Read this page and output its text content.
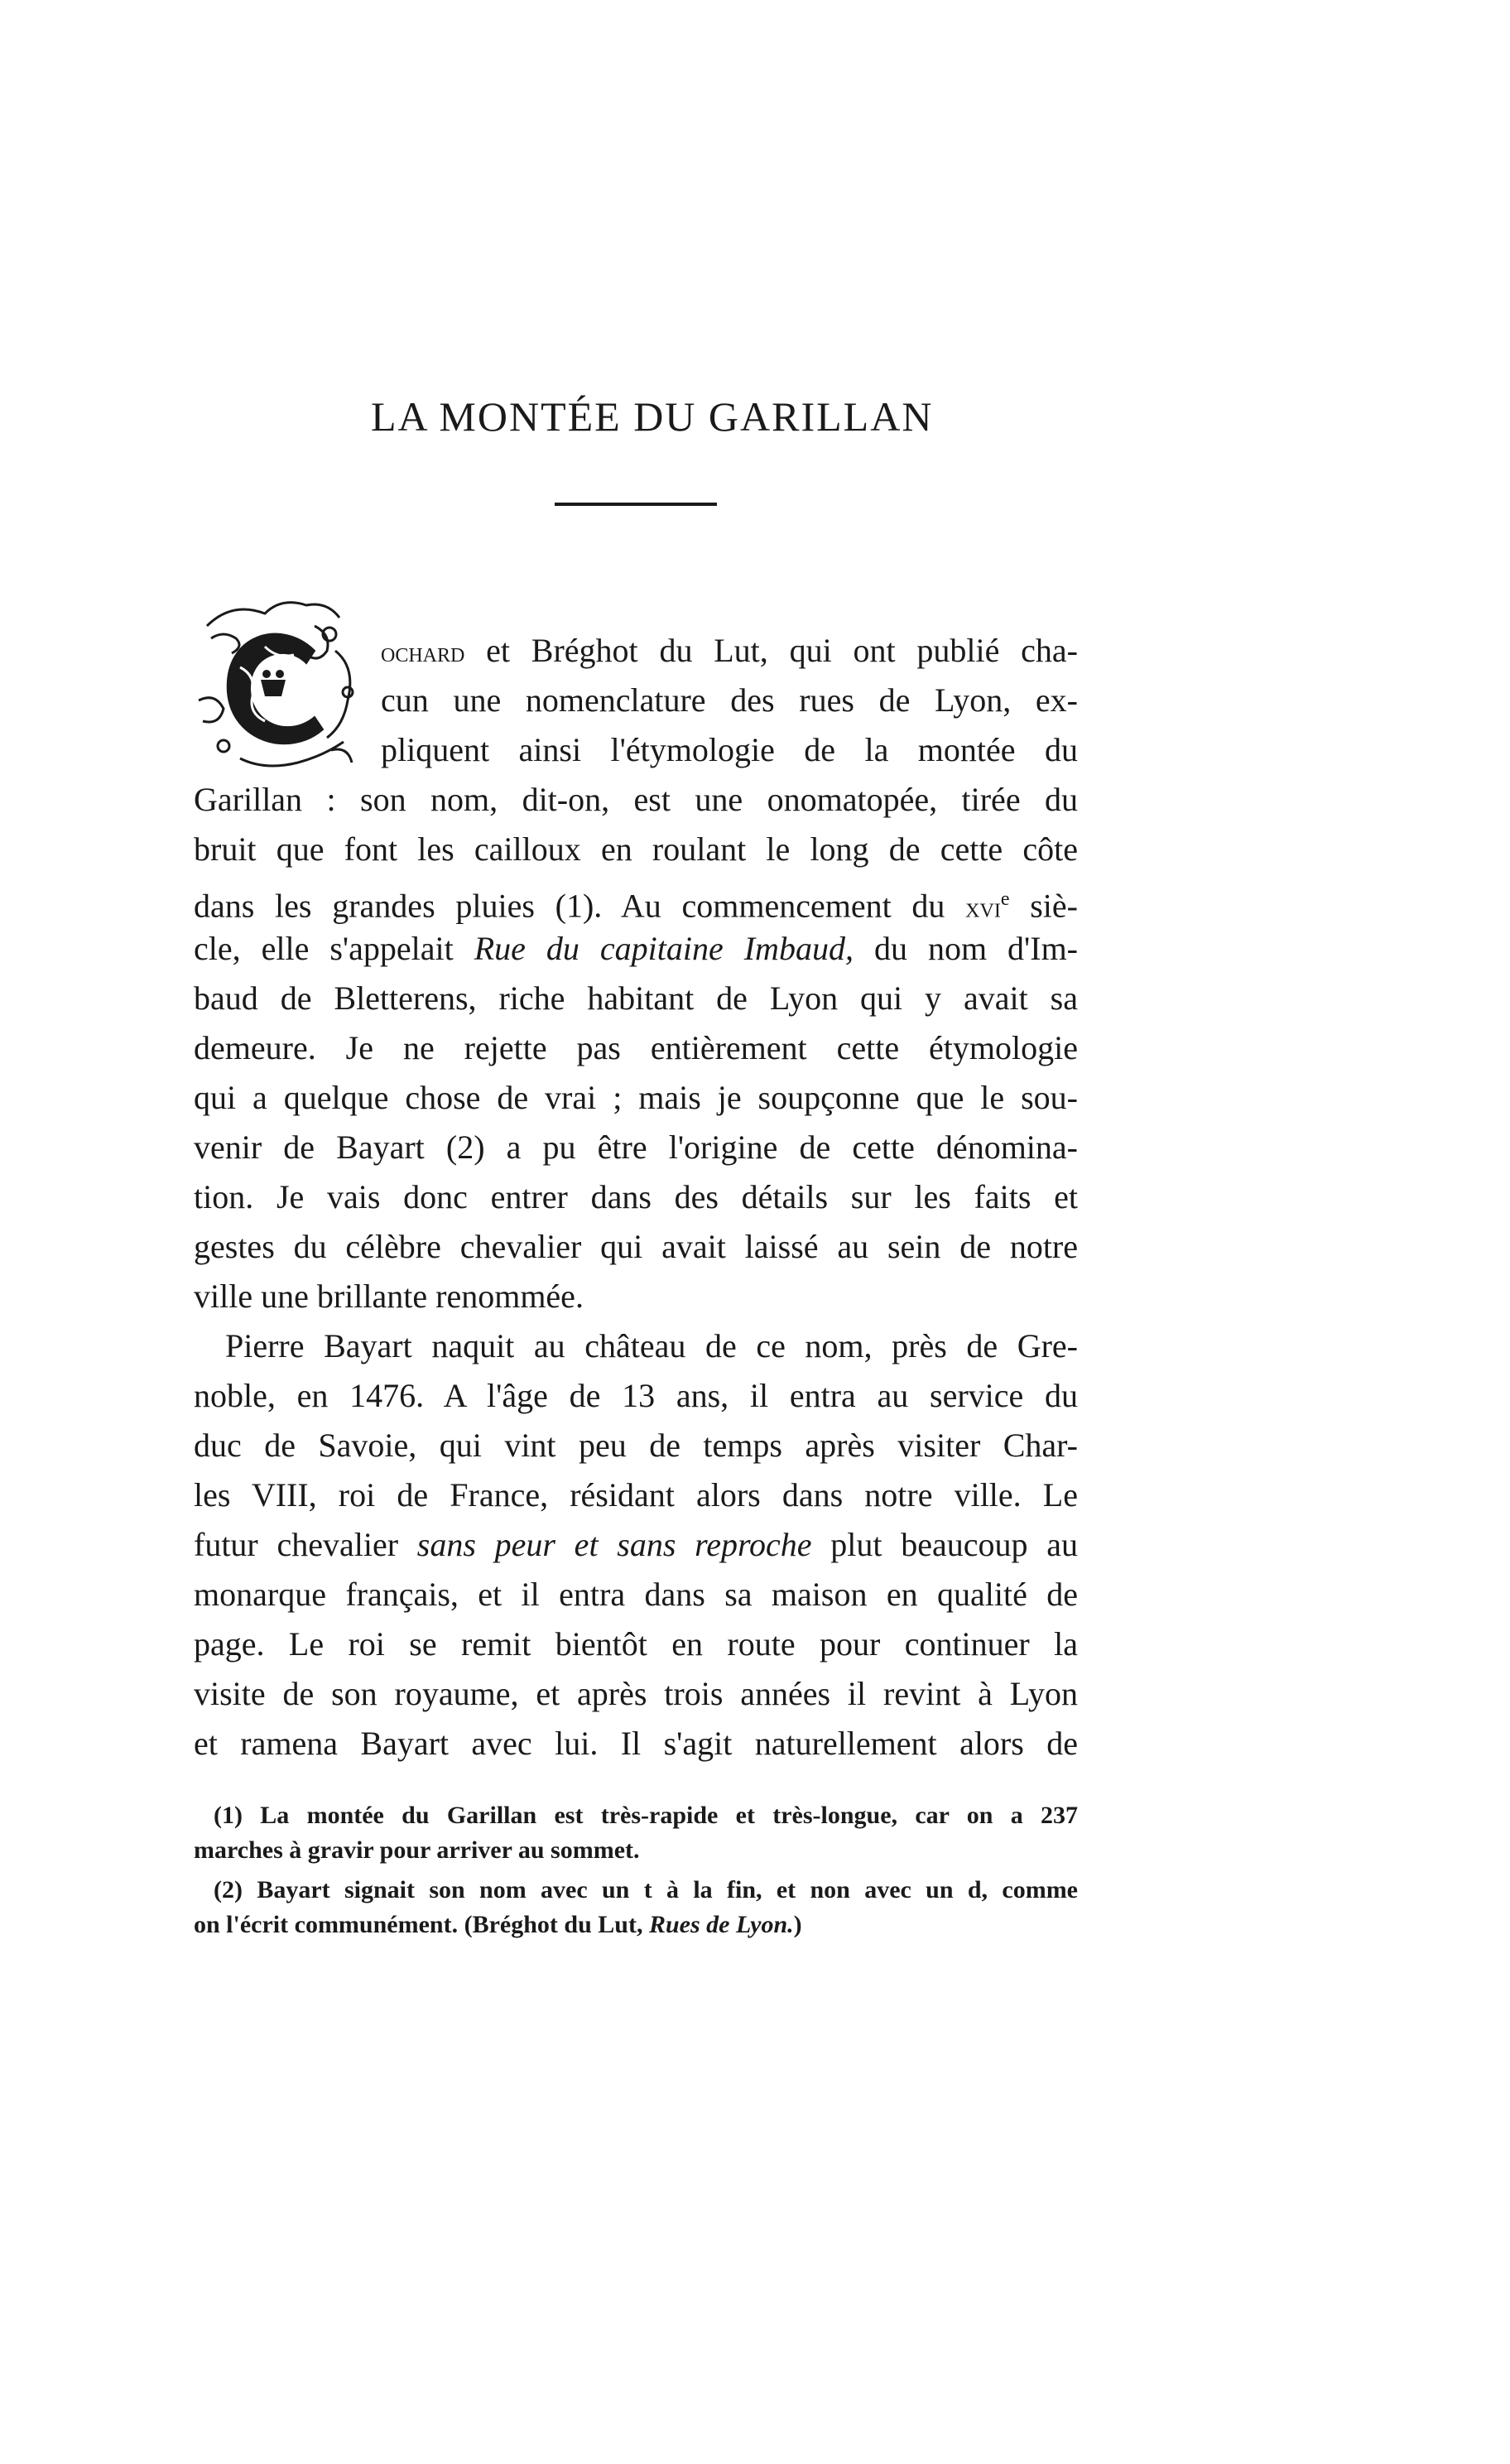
LA MONTÉE DU GARILLAN
ochard et Bréghot du Lut, qui ont publié cha-
cun une nomenclature des rues de Lyon, ex-
pliquent ainsi l'étymologie de la montée du
Garillan : son nom, dit-on, est une onomatopée, tirée du
bruit que font les cailloux en roulant le long de cette côte
dans les grandes pluies (1). Au commencement du xvi$^e$ siè-
cle, elle s'appelait Rue du capitaine Imbaud, du nom d'Im-
baud de Bletterens, riche habitant de Lyon qui y avait sa
demeure. Je ne rejette pas entièrement cette étymologie
qui a quelque chose de vrai ; mais je soupçonne que le sou-
venir de Bayart (2) a pu être l'origine de cette dénomina-
tion. Je vais donc entrer dans des détails sur les faits et
gestes du célèbre chevalier qui avait laissé au sein de notre
ville une brillante renommée.
Pierre Bayart naquit au château de ce nom, près de Gre-
noble, en 1476. A l'âge de 13 ans, il entra au service du
duc de Savoie, qui vint peu de temps après visiter Char-
les VIII, roi de France, résidant alors dans notre ville. Le
futur chevalier sans peur et sans reproche plut beaucoup au
monarque français, et il entra dans sa maison en qualité de
page. Le roi se remit bientôt en route pour continuer la
visite de son royaume, et après trois années il revint à Lyon
et ramena Bayart avec lui. Il s'agit naturellement alors de
(1) La montée du Garillan est très-rapide et très-longue, car on a 237
marches à gravir pour arriver au sommet.
(2) Bayart signait son nom avec un t à la fin, et non avec un d, comme
on l'écrit communément. (Bréghot du Lut, Rues de Lyon.)
